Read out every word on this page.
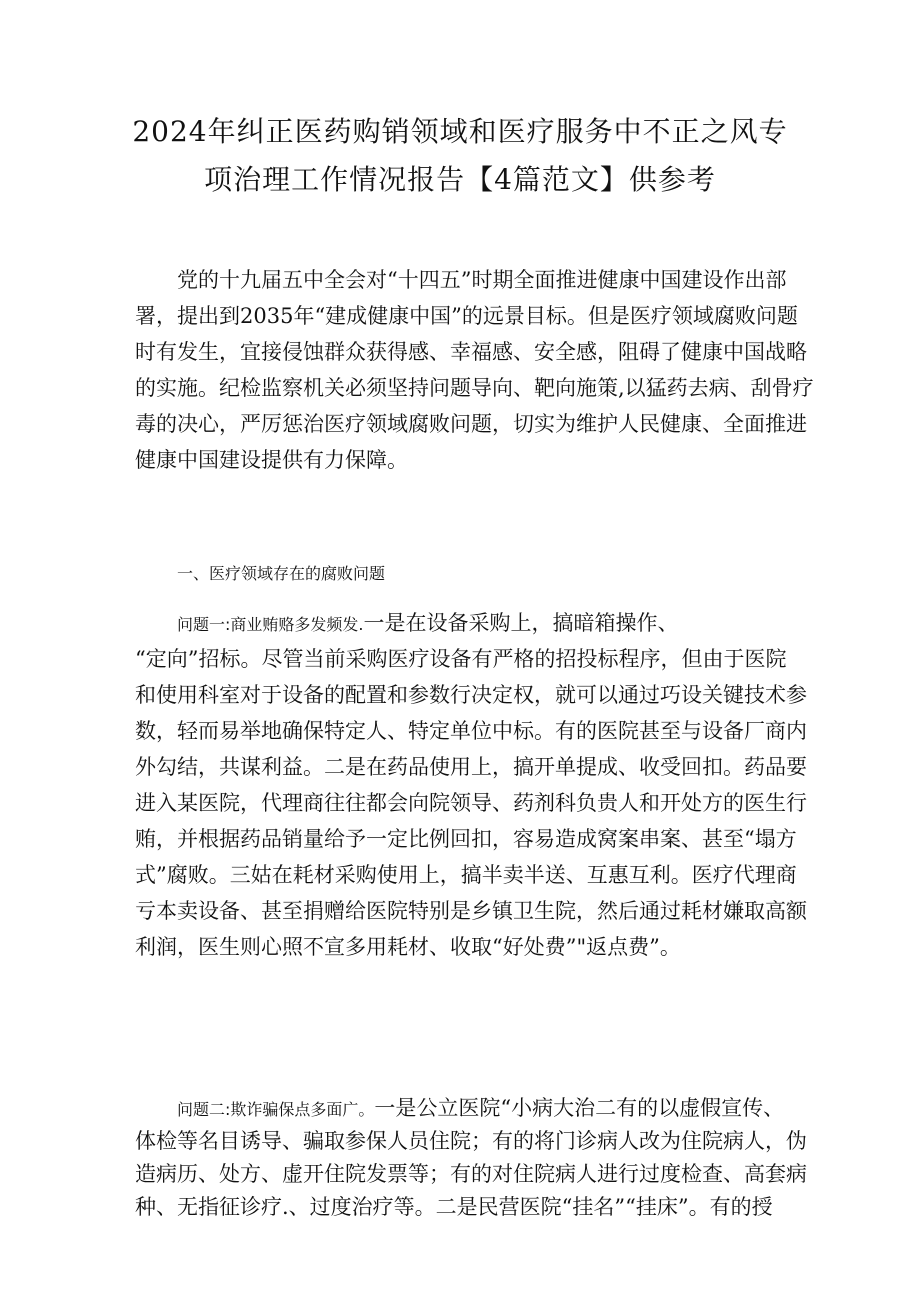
2024年纠正医药购销领域和医疗服务中不正之风专
项治理工作情况报告【4篇范文】供参考
党的十九届五中全会对“十四五”时期全面推进健康中国建设作出部
署，提出到2035年“建成健康中国”的远景目标。但是医疗领域腐败问题
时有发生，宜接侵蚀群众获得感、幸福感、安全感，阻碍了健康中国战略
的实施。纪检监察机关必须坚持问题导向、靶向施策,以猛药去病、刮骨疗
毒的决心，严厉惩治医疗领域腐败问题，切实为维护人民健康、全面推进
健康中国建设提供有力保障。
一、医疗领域存在的腐败问题
问题一:商业贿赂多发频发.一是在设备采购上，搞暗箱操作、
“定向”招标。尽管当前采购医疗设备有严格的招投标程序，但由于医院
和使用科室对于设备的配置和参数行决定权，就可以通过巧设关键技术参
数，轻而易举地确保特定人、特定单位中标。有的医院甚至与设备厂商内
外勾结，共谋利益。二是在药品使用上，搞开单提成、收受回扣。药品要
进入某医院，代理商往往都会向院领导、药剂科负贵人和开处方的医生行
贿，并根据药品销量给予一定比例回扣，容易造成窝案串案、甚至“塌方
式”腐败。三姑在耗材采购使用上，搞半卖半送、互惠互利。医疗代理商
亏本卖设备、甚至捐赠给医院特别是乡镇卫生院，然后通过耗材嫌取高额
利润，医生则心照不宣多用耗材、收取“好处费”"返点费”。
问题二:欺诈骗保点多面广。一是公立医院“小病大治二有的以虚假宣传、
体检等名目诱导、骗取参保人员住院；有的将门诊病人改为住院病人，伪
造病历、处方、虚开住院发票等；有的对住院病人进行过度检查、高套病
种、无指征诊疗.、过度治疗等。二是民营医院“挂名”“挂床”。有的授
